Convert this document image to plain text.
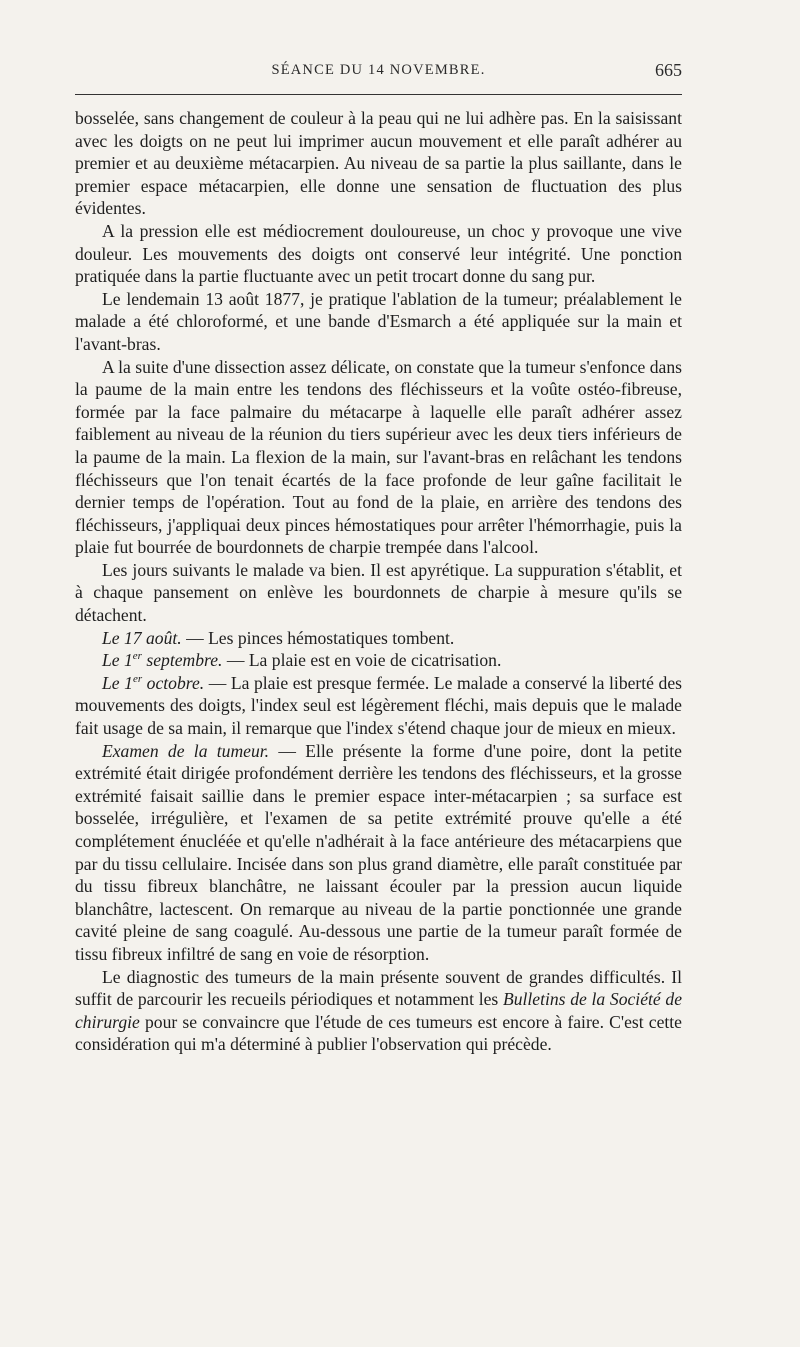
SÉANCE DU 14 NOVEMBRE.	665

bosselée, sans changement de couleur à la peau qui ne lui adhère pas. En la saisissant avec les doigts on ne peut lui imprimer aucun mouvement et elle paraît adhérer au premier et au deuxième métacarpien. Au niveau de sa partie la plus saillante, dans le premier espace métacarpien, elle donne une sensation de fluctuation des plus évidentes.

A la pression elle est médiocrement douloureuse, un choc y provoque une vive douleur. Les mouvements des doigts ont conservé leur intégrité. Une ponction pratiquée dans la partie fluctuante avec un petit trocart donne du sang pur.

Le lendemain 13 août 1877, je pratique l'ablation de la tumeur; préalablement le malade a été chloroformé, et une bande d'Esmarch a été appliquée sur la main et l'avant-bras.

A la suite d'une dissection assez délicate, on constate que la tumeur s'enfonce dans la paume de la main entre les tendons des fléchisseurs et la voûte ostéo-fibreuse, formée par la face palmaire du métacarpe à laquelle elle paraît adhérer assez faiblement au niveau de la réunion du tiers supérieur avec les deux tiers inférieurs de la paume de la main. La flexion de la main, sur l'avant-bras en relâchant les tendons fléchisseurs que l'on tenait écartés de la face profonde de leur gaîne facilitait le dernier temps de l'opération. Tout au fond de la plaie, en arrière des tendons des fléchisseurs, j'appliquai deux pinces hémostatiques pour arrêter l'hémorrhagie, puis la plaie fut bourrée de bourdonnets de charpie trempée dans l'alcool.

Les jours suivants le malade va bien. Il est apyrétique. La suppuration s'établit, et à chaque pansement on enlève les bourdonnets de charpie à mesure qu'ils se détachent.

Le 17 août. — Les pinces hémostatiques tombent.

Le 1er septembre. — La plaie est en voie de cicatrisation.

Le 1er octobre. — La plaie est presque fermée. Le malade a conservé la liberté des mouvements des doigts, l'index seul est légèrement fléchi, mais depuis que le malade fait usage de sa main, il remarque que l'index s'étend chaque jour de mieux en mieux.

Examen de la tumeur. — Elle présente la forme d'une poire, dont la petite extrémité était dirigée profondément derrière les tendons des fléchisseurs, et la grosse extrémité faisait saillie dans le premier espace inter-métacarpien ; sa surface est bosselée, irrégulière, et l'examen de sa petite extrémité prouve qu'elle a été complétement énucléée et qu'elle n'adhérait à la face antérieure des métacarpiens que par du tissu cellulaire. Incisée dans son plus grand diamètre, elle paraît constituée par du tissu fibreux blanchâtre, ne laissant écouler par la pression aucun liquide blanchâtre, lactescent. On remarque au niveau de la partie ponctionnée une grande cavité pleine de sang coagulé. Au-dessous une partie de la tumeur paraît formée de tissu fibreux infiltré de sang en voie de résorption.

Le diagnostic des tumeurs de la main présente souvent de grandes difficultés. Il suffit de parcourir les recueils périodiques et notamment les Bulletins de la Société de chirurgie pour se convaincre que l'étude de ces tumeurs est encore à faire. C'est cette considération qui m'a déterminé à publier l'observation qui précède.
